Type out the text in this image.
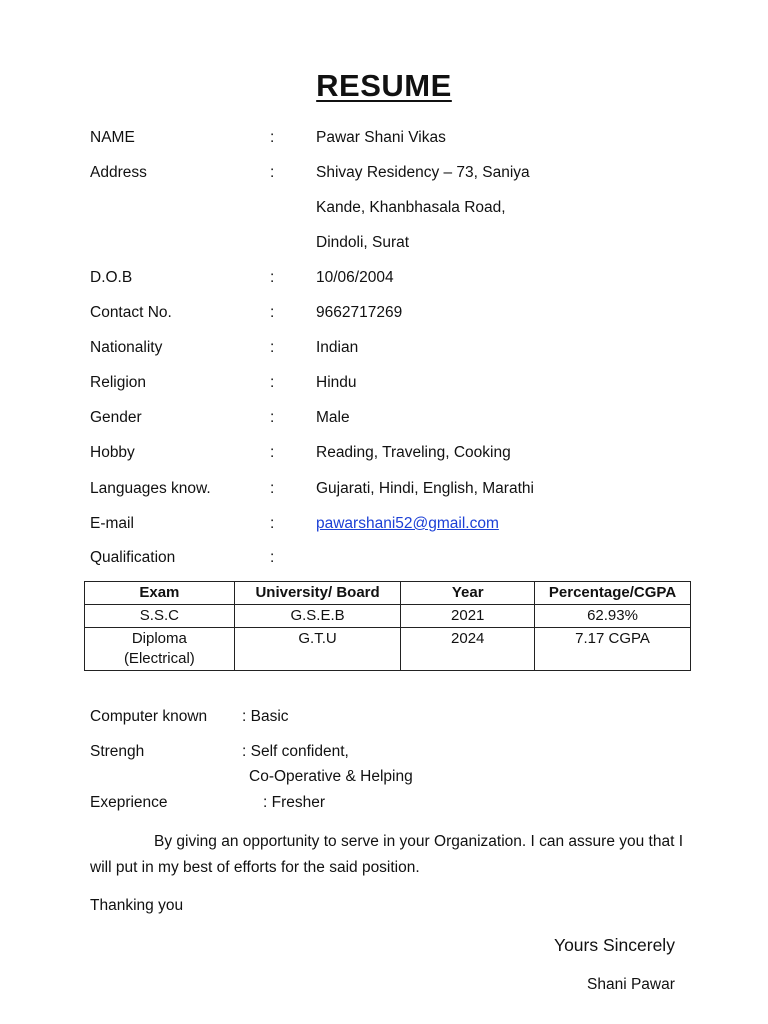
RESUME
NAME	:	Pawar Shani Vikas
Address	:	Shivay Residency – 73, Saniya
Kande, Khanbhasala Road,
Dindoli, Surat
D.O.B	:	10/06/2004
Contact No.	:	9662717269
Nationality	:	Indian
Religion	:	Hindu
Gender	:	Male
Hobby	:	Reading, Traveling, Cooking
Languages know.	:	Gujarati, Hindi, English, Marathi
E-mail	:	pawarshani52@gmail.com
Qualification	:
Exam	University/ Board	Year	Percentage/CGPA
S.S.C	G.S.E.B	2021	62.93%

Diploma
(Electrical)	G.T.U	2024	7.17 CGPA
Computer known : Basic
Strengh	: Self confident,
Co-Operative & Helping
Exeprience	: Fresher
By giving an opportunity to serve in your Organization. I can assure you that I will put in my best of efforts for the said position.
Thanking you
Yours Sincerely
Shani Pawar
